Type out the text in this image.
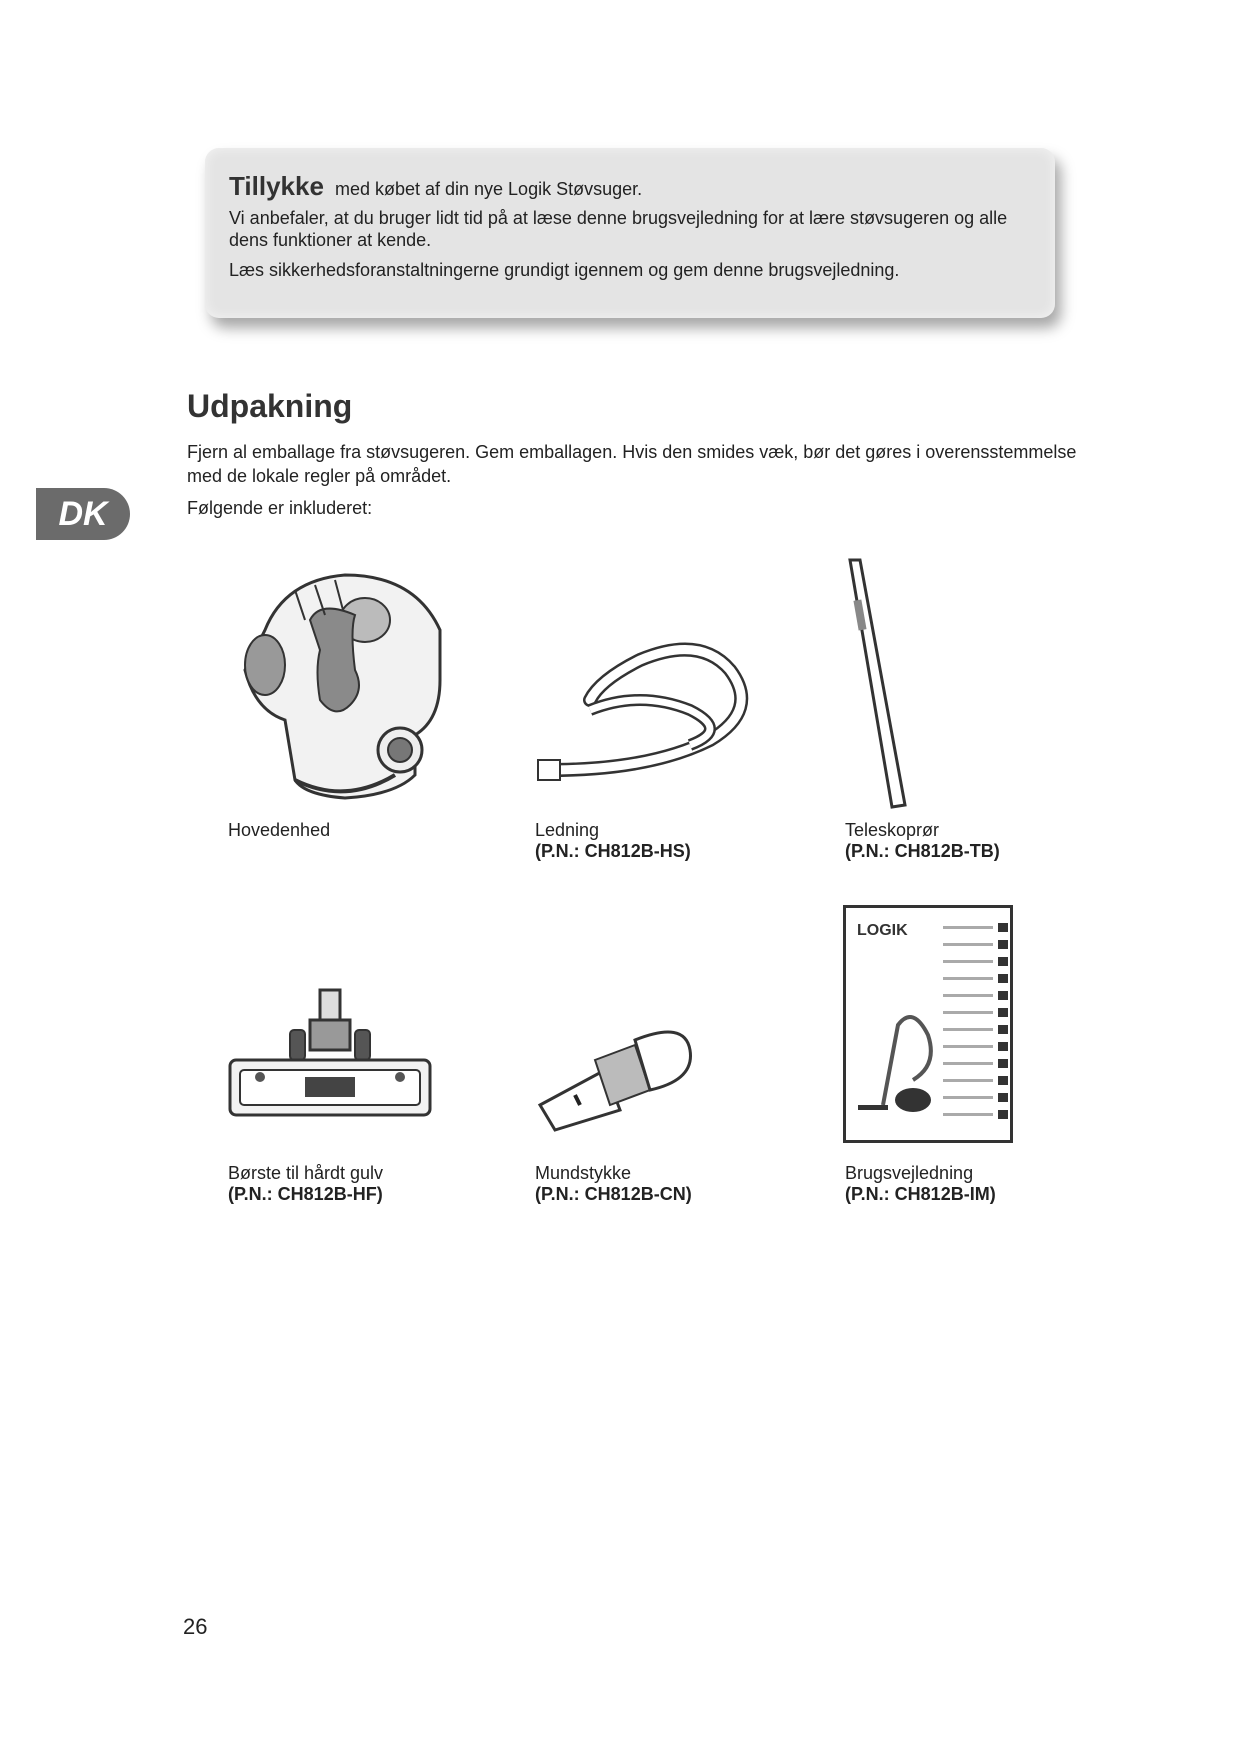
Tillykke med købet af din nye Logik Støvsuger.
Vi anbefaler, at du bruger lidt tid på at læse denne brugsvejledning for at lære støvsugeren og alle dens funktioner at kende.
Læs sikkerhedsforanstaltningerne grundigt igennem og gem denne brugsvejledning.
DK
Udpakning

Fjern al emballage fra støvsugeren. Gem emballagen. Hvis den smides væk, bør det gøres i overensstemmelse med de lokale regler på området.

Følgende er inkluderet:

LOGIK
Hovedenhed	Ledning
(P.N.: CH812B-HS)
Teleskoprør
(P.N.: CH812B-TB)
Børste til hårdt gulv
(P.N.: CH812B-HF)
Mundstykke
(P.N.: CH812B-CN)
Brugsvejledning
(P.N.: CH812B-IM)
26
